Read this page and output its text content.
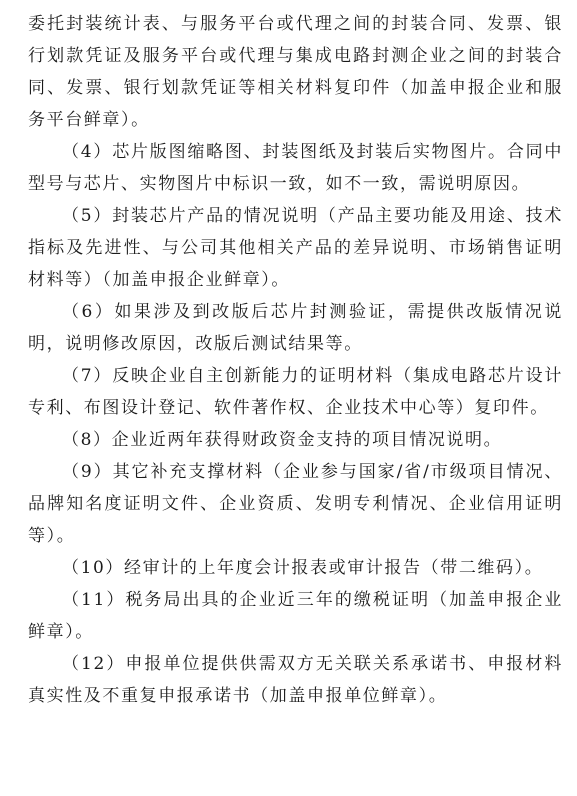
委托封装统计表、与服务平台或代理之间的封装合同、发票、银行划款凭证及服务平台或代理与集成电路封测企业之间的封装合同、发票、银行划款凭证等相关材料复印件（加盖申报企业和服务平台鲜章）。

（4）芯片版图缩略图、封装图纸及封装后实物图片。合同中型号与芯片、实物图片中标识一致，如不一致，需说明原因。

（5）封装芯片产品的情况说明（产品主要功能及用途、技术指标及先进性、与公司其他相关产品的差异说明、市场销售证明材料等）（加盖申报企业鲜章）。

（6）如果涉及到改版后芯片封测验证，需提供改版情况说明，说明修改原因，改版后测试结果等。

（7）反映企业自主创新能力的证明材料（集成电路芯片设计专利、布图设计登记、软件著作权、企业技术中心等）复印件。

（8）企业近两年获得财政资金支持的项目情况说明。

（9）其它补充支撑材料（企业参与国家/省/市级项目情况、品牌知名度证明文件、企业资质、发明专利情况、企业信用证明等）。

（10）经审计的上年度会计报表或审计报告（带二维码）。

（11）税务局出具的企业近三年的缴税证明（加盖申报企业鲜章）。

（12）申报单位提供供需双方无关联关系承诺书、申报材料真实性及不重复申报承诺书（加盖申报单位鲜章）。
